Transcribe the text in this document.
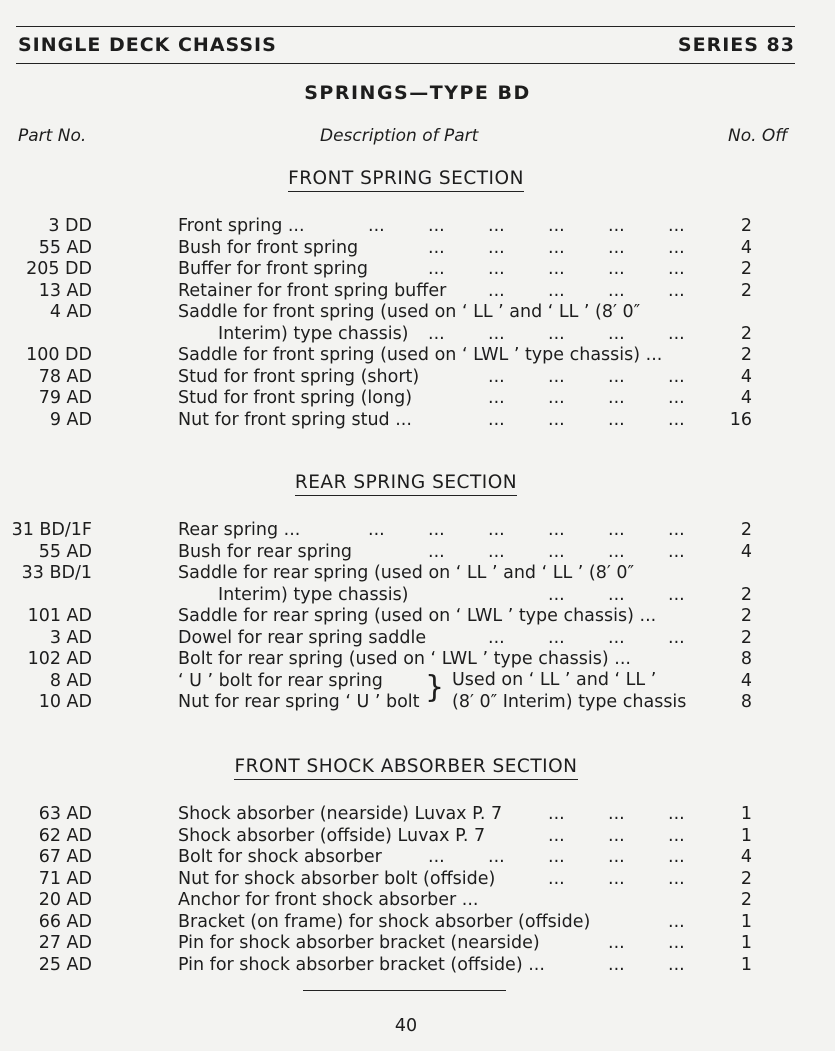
SINGLE DECK CHASSIS	SERIES 83
SPRINGS—TYPE BD
Part No.	Description of Part	No. Off
FRONT SPRING SECTION
3 DD	Front spring ...	... ... ... ... ... ...	2
55 AD	Bush for front spring	... ... ... ... ...	4
205 DD	Buffer for front spring	... ... ... ... ...	2
13 AD	Retainer for front spring buffer ... ... ... ...	2
4 AD	Saddle for front spring (used on ‘ LL ’ and ‘ LL ’ (8′ 0″
Interim) type chassis) ... ... ... ... ...	2
100 DD	Saddle for front spring (used on ‘ LWL ’ type chassis) ...	2
78 AD	Stud for front spring (short)	... ... ... ...	4
79 AD	Stud for front spring (long)	... ... ... ...	4
9 AD	Nut for front spring stud ...	... ... ... ...	16
REAR SPRING SECTION
31 BD/1F	Rear spring ...	... ... ... ... ... ...	2
55 AD	Bush for rear spring	... ... ... ... ...	4
33 BD/1	Saddle for rear spring (used on ‘ LL ’ and ‘ LL ’ (8′ 0″
Interim) type chassis)	... ... ...	2
101 AD	Saddle for rear spring (used on ‘ LWL ’ type chassis) ...	2
3 AD	Dowel for rear spring saddle	... ... ... ...	2
102 AD	Bolt for rear spring (used on ‘ LWL ’ type chassis) ...	8
8 AD	‘ U ’ bolt for rear spring	4
10 AD	Nut for rear spring ‘ U ’ bolt	8
} Used on ‘ LL ’ and ‘ LL ’
(8′ 0″ Interim) type chassis
FRONT SHOCK ABSORBER SECTION
63 AD	Shock absorber (nearside) Luvax P. 7	... ... ...	1
62 AD	Shock absorber (offside) Luvax P. 7	... ... ...	1
67 AD	Bolt for shock absorber	... ... ... ... ...	4
71 AD	Nut for shock absorber bolt (offside)	... ... ...	2
20 AD	Anchor for front shock absorber ...	2
66 AD	Bracket (on frame) for shock absorber (offside)	...	1
27 AD	Pin for shock absorber bracket (nearside)	... ...	1
25 AD	Pin for shock absorber bracket (offside) ...	... ...	1
40
